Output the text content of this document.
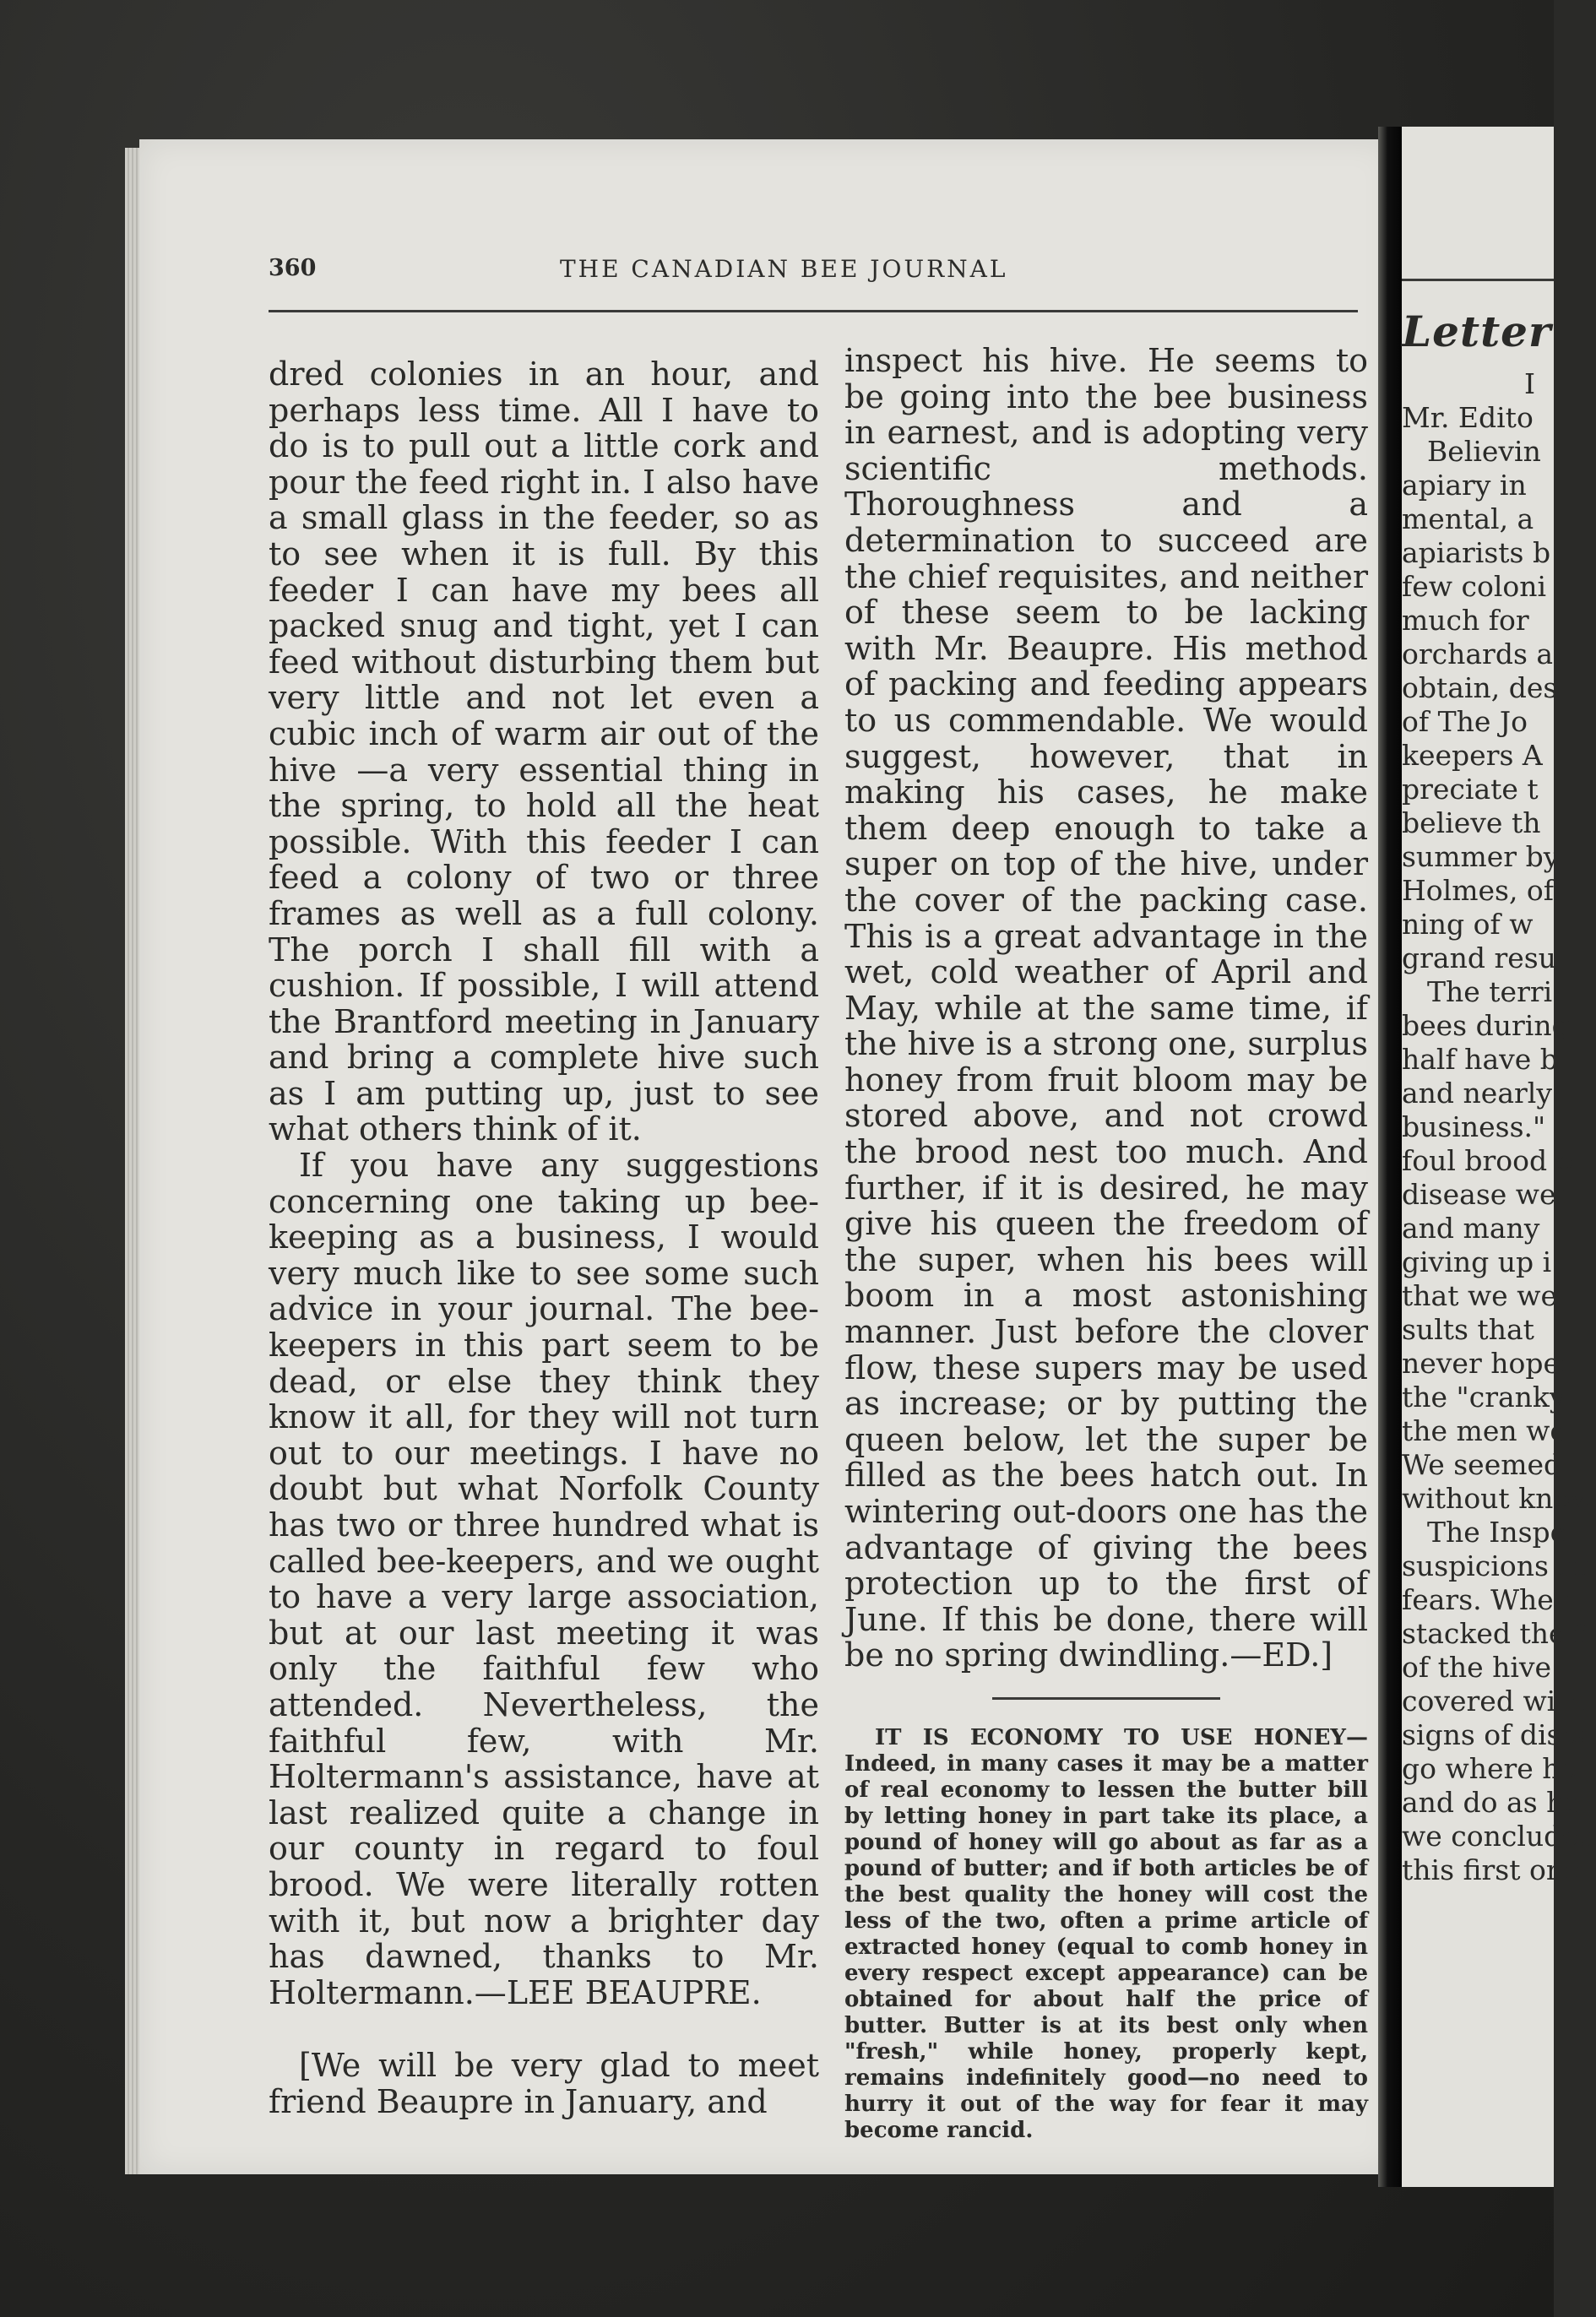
360	THE CANADIAN BEE JOURNAL

dred colonies in an hour, and perhaps less time. All I have to do is to pull out a little cork and pour the feed right in. I also have a small glass in the feeder, so as to see when it is full. By this feeder I can have my bees all packed snug and tight, yet I can feed without disturbing them but very little and not let even a cubic inch of warm air out of the hive —a very essential thing in the spring, to hold all the heat possible. With this feeder I can feed a colony of two or three frames as well as a full colony. The porch I shall fill with a cushion. If possible, I will attend the Brantford meeting in January and bring a complete hive such as I am putting up, just to see what others think of it.

If you have any suggestions concerning one taking up bee-keeping as a business, I would very much like to see some such advice in your journal. The bee-keepers in this part seem to be dead, or else they think they know it all, for they will not turn out to our meetings. I have no doubt but what Norfolk County has two or three hundred what is called bee-keepers, and we ought to have a very large association, but at our last meeting it was only the faithful few who attended. Nevertheless, the faithful few, with Mr. Holtermann's assistance, have at last realized quite a change in our county in regard to foul brood. We were literally rotten with it, but now a brighter day has dawned, thanks to Mr. Holtermann.—LEE BEAUPRE.

[We will be very glad to meet friend Beaupre in January, and

inspect his hive. He seems to be going into the bee business in earnest, and is adopting very scientific methods. Thoroughness and a determination to succeed are the chief requisites, and neither of these seem to be lacking with Mr. Beaupre. His method of packing and feeding appears to us commendable. We would suggest, however, that in making his cases, he make them deep enough to take a super on top of the hive, under the cover of the packing case. This is a great advantage in the wet, cold weather of April and May, while at the same time, if the hive is a strong one, surplus honey from fruit bloom may be stored above, and not crowd the brood nest too much. And further, if it is desired, he may give his queen the freedom of the super, when his bees will boom in a most astonishing manner. Just before the clover flow, these supers may be used as increase; or by putting the queen below, let the super be filled as the bees hatch out. In wintering out-doors one has the advantage of giving the bees protection up to the first of June. If this be done, there will be no spring dwindling.—ED.]

IT IS ECONOMY TO USE HONEY—Indeed, in many cases it may be a matter of real economy to lessen the butter bill by letting honey in part take its place, a pound of honey will go about as far as a pound of butter; and if both articles be of the best quality the honey will cost the less of the two, often a prime article of extracted honey (equal to comb honey in every respect except appearance) can be obtained for about half the price of butter. Butter is at its best only when "fresh," while honey, properly kept, remains indefinitely good—no need to hurry it out of the way for fear it may become rancid.

Letter
I
Mr. Edito
Believin
apiary in
mental, a
apiarists b
few coloni
much for
orchards a
obtain, des
of The Jo
keepers A
preciate t
believe th
summer by
Holmes, of
ning of w
grand resul
The terri
bees during
half have b
and nearly
business."
foul brood o
disease wer
and many
giving up i
that we we
sults that
never hoped
the "cranky
the men we
We seemed
without know
The Inspe
suspicions an
fears. When
stacked the f
of the hive
covered with
signs of disea
go where he
and do as he
we concluded
this first one
